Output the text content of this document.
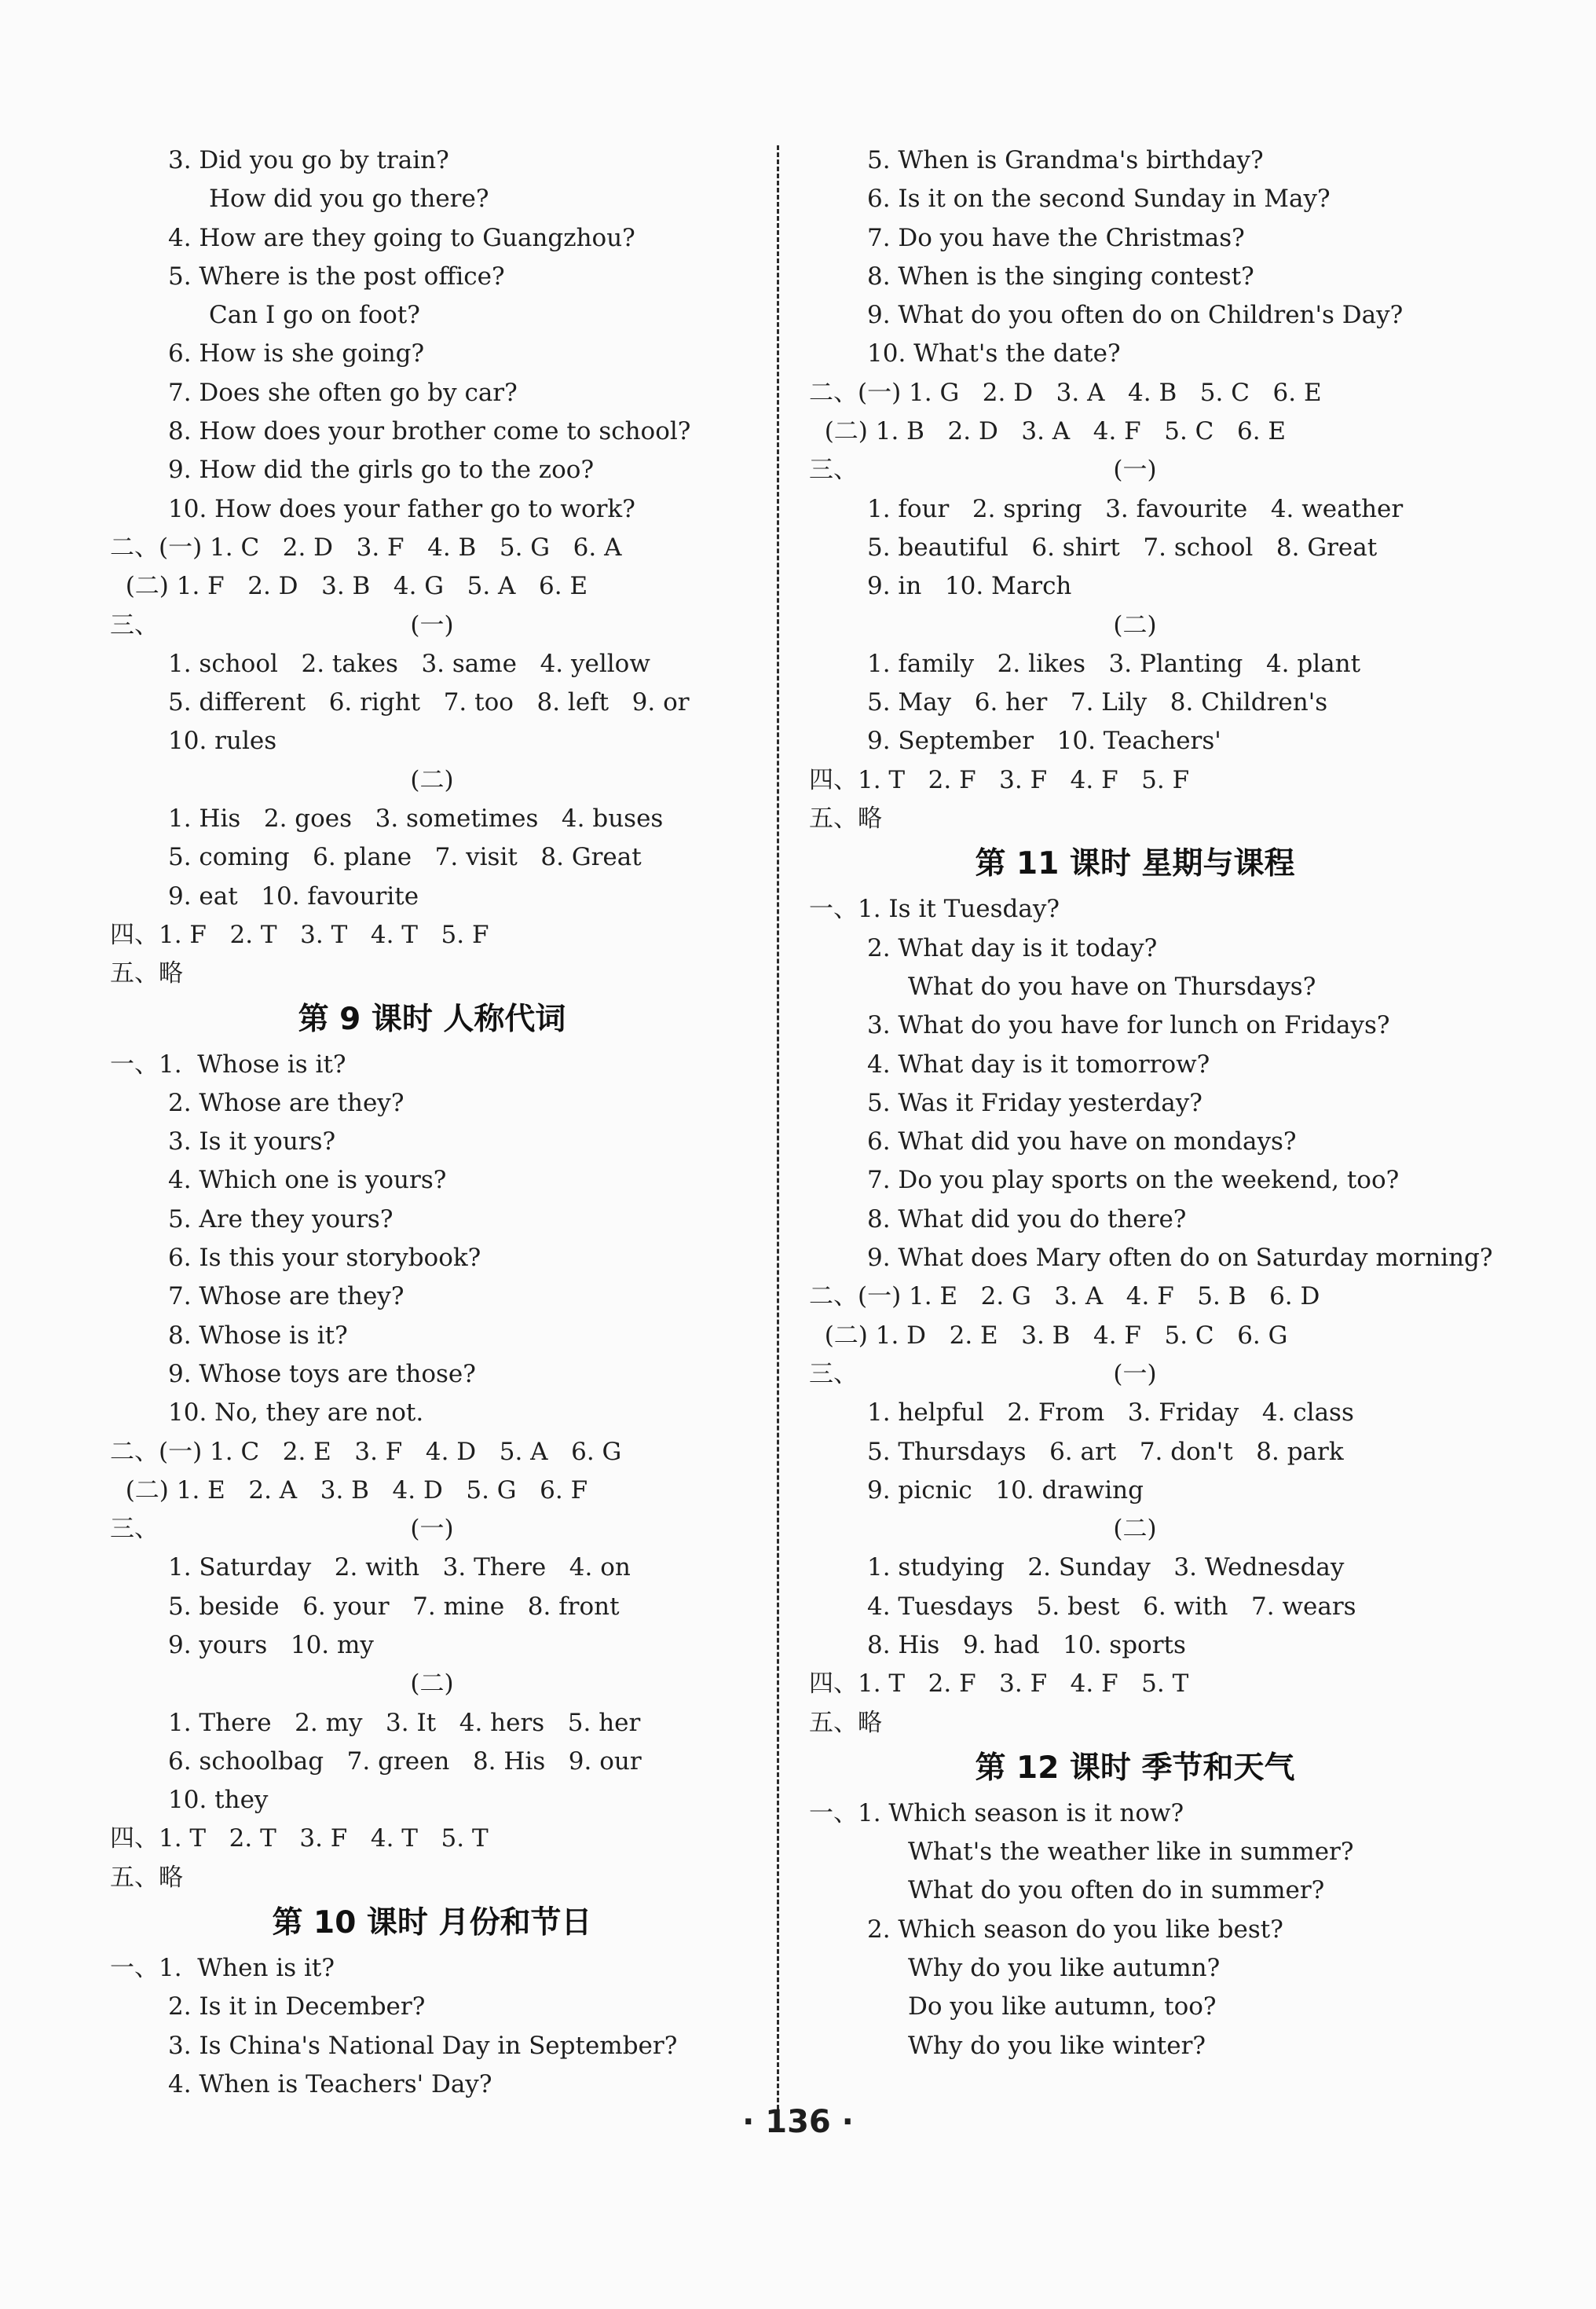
3. Did you go by train?
How did you go there?
4. How are they going to Guangzhou?
5. Where is the post office?
Can I go on foot?
6. How is she going?
7. Does she often go by car?
8. How does your brother come to school?
9. How did the girls go to the zoo?
10. How does your father go to work?
二、(一) 1. C   2. D   3. F   4. B   5. G   6. A
(二) 1. F   2. D   3. B   4. G   5. A   6. E
三、	(一)
1. school   2. takes   3. same   4. yellow
5. different   6. right   7. too   8. left   9. or
10. rules
(二)
1. His   2. goes   3. sometimes   4. buses
5. coming   6. plane   7. visit   8. Great
9. eat   10. favourite
四、1. F   2. T   3. T   4. T   5. F
五、略
第 9 课时 人称代词
一、1.  Whose is it?
2. Whose are they?
3. Is it yours?
4. Which one is yours?
5. Are they yours?
6. Is this your storybook?
7. Whose are they?
8. Whose is it?
9. Whose toys are those?
10. No, they are not.
二、(一) 1. C   2. E   3. F   4. D   5. A   6. G
(二) 1. E   2. A   3. B   4. D   5. G   6. F
三、	(一)
1. Saturday   2. with   3. There   4. on
5. beside   6. your   7. mine   8. front
9. yours   10. my
(二)
1. There   2. my   3. It   4. hers   5. her
6. schoolbag   7. green   8. His   9. our
10. they
四、1. T   2. T   3. F   4. T   5. T
五、略
第 10 课时 月份和节日
一、1.  When is it?
2. Is it in December?
3. Is China's National Day in September?
4. When is Teachers' Day?
5. When is Grandma's birthday?
6. Is it on the second Sunday in May?
7. Do you have the Christmas?
8. When is the singing contest?
9. What do you often do on Children's Day?
10. What's the date?
二、(一) 1. G   2. D   3. A   4. B   5. C   6. E
(二) 1. B   2. D   3. A   4. F   5. C   6. E
三、	(一)
1. four   2. spring   3. favourite   4. weather
5. beautiful   6. shirt   7. school   8. Great
9. in   10. March
(二)
1. family   2. likes   3. Planting   4. plant
5. May   6. her   7. Lily   8. Children's
9. September   10. Teachers'
四、1. T   2. F   3. F   4. F   5. F
五、略
第 11 课时 星期与课程
一、1. Is it Tuesday?
2. What day is it today?
What do you have on Thursdays?
3. What do you have for lunch on Fridays?
4. What day is it tomorrow?
5. Was it Friday yesterday?
6. What did you have on mondays?
7. Do you play sports on the weekend, too?
8. What did you do there?
9. What does Mary often do on Saturday morning?
二、(一) 1. E   2. G   3. A   4. F   5. B   6. D
(二) 1. D   2. E   3. B   4. F   5. C   6. G
三、	(一)
1. helpful   2. From   3. Friday   4. class
5. Thursdays   6. art   7. don't   8. park
9. picnic   10. drawing
(二)
1. studying   2. Sunday   3. Wednesday
4. Tuesdays   5. best   6. with   7. wears
8. His   9. had   10. sports
四、1. T   2. F   3. F   4. F   5. T
五、略
第 12 课时 季节和天气
一、1. Which season is it now?
What's the weather like in summer?
What do you often do in summer?
2. Which season do you like best?
Why do you like autumn?
Do you like autumn, too?
Why do you like winter?
· 136 ·
